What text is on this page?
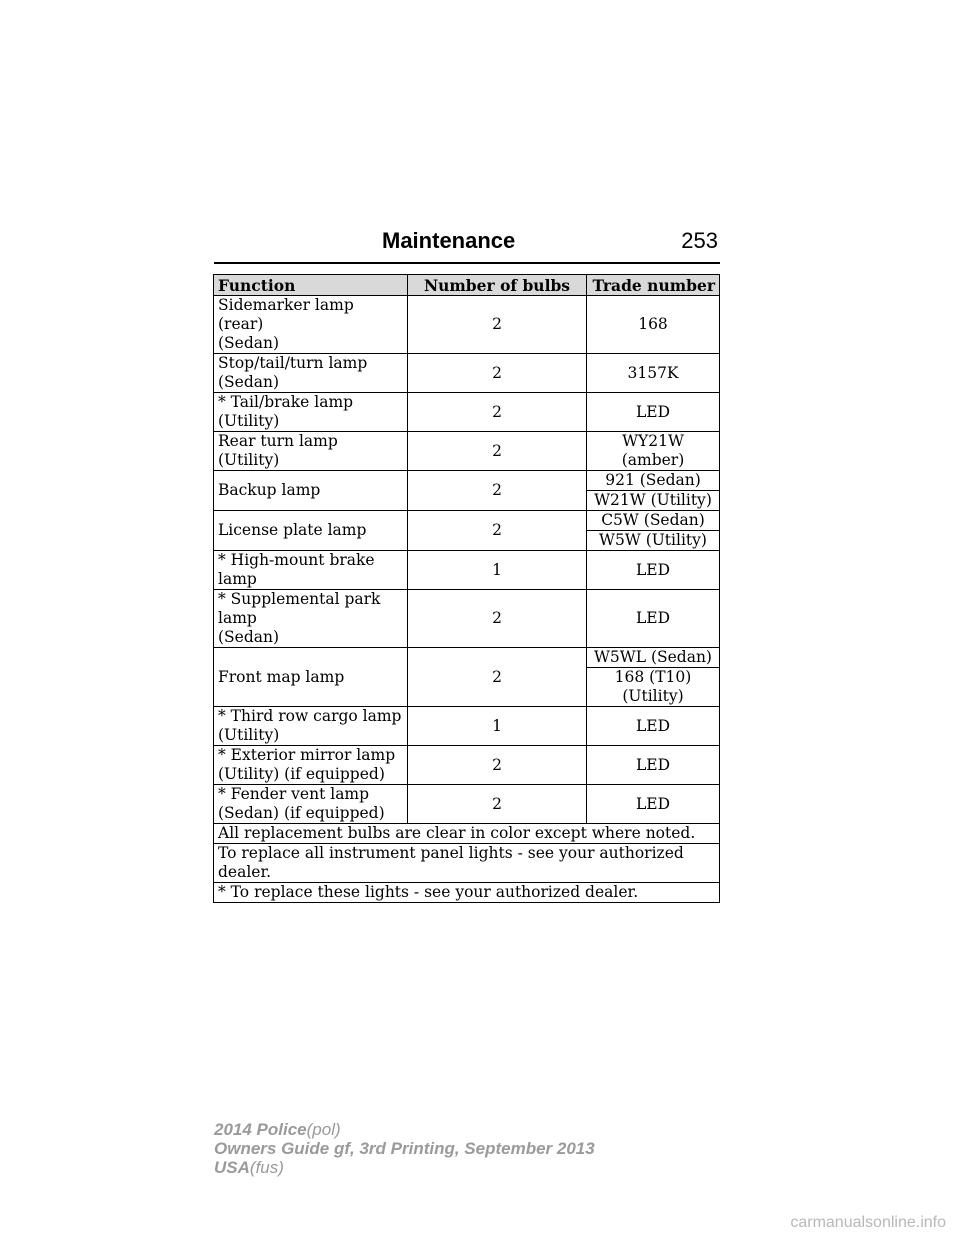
Maintenance	253
Function	Number of bulbs	Trade number
Sidemarker lamp (rear)
(Sedan)	2	168
Stop/tail/turn lamp
(Sedan)	2	3157K
* Tail/brake lamp (Utility)	2	LED
Rear turn lamp (Utility)	2	WY21W (amber)
Backup lamp	2	921 (Sedan)
		W21W (Utility)
License plate lamp	2	C5W (Sedan)
		W5W (Utility)
* High-mount brake lamp	1	LED
* Supplemental park lamp
(Sedan)	2	LED
Front map lamp	2	W5WL (Sedan)
		168 (T10)
(Utility)
* Third row cargo lamp
(Utility)	1	LED
* Exterior mirror lamp
(Utility) (if equipped)	2	LED
* Fender vent lamp
(Sedan) (if equipped)	2	LED
All replacement bulbs are clear in color except where noted.		
To replace all instrument panel lights - see your authorized dealer.		
* To replace these lights - see your authorized dealer.		
2014 Police(pol)
Owners Guide gf, 3rd Printing, September 2013
USA(fus)
carmanualsonline.info
